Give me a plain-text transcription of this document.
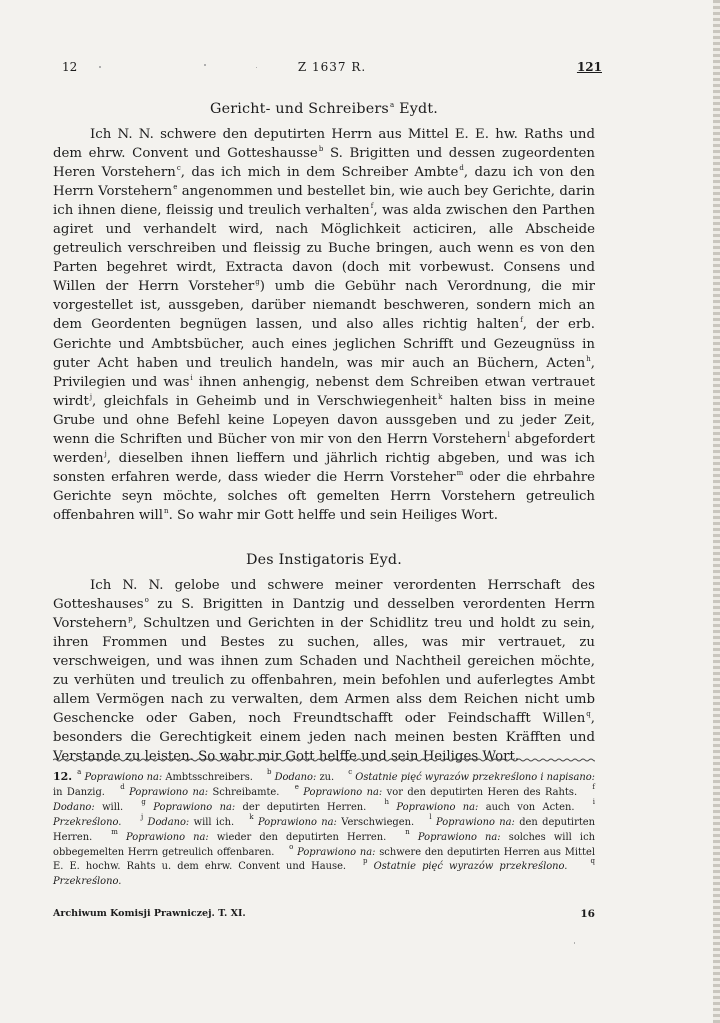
12	Z 1637 R.	121
Gericht- und Schreibers$^a$ Eydt.
Ich N. N. schwere den deputirten Herrn aus Mittel E. E. hw. Raths und dem ehrw. Convent und Gotteshausse$^b$ S. Brigitten und dessen zugeordenten Heren Vorstehern$^c$, das ich mich in dem Schreiber Ambte$^d$, dazu ich von den Herrn Vorstehern$^e$ angenommen und bestellet bin, wie auch bey Gerichte, darin ich ihnen diene, fleissig und treulich verhalten$^f$, was alda zwischen den Parthen agiret und verhandelt wird, nach Möglichkeit acticiren, alle Abscheide getreulich verschreiben und fleissig zu Buche bringen, auch wenn es von den Parten begehret wirdt, Extracta davon (doch mit vorbewust. Consens und Willen der Herrn Vorsteher$^g$) umb die Gebühr nach Verordnung, die mir vorgestellet ist, aussgeben, darüber niemandt beschweren, sondern mich an dem Geordenten begnügen lassen, und also alles richtig halten$^f$, der erb. Gerichte und Ambtsbücher, auch eines jeglichen Schrifft und Gezeugnüss in guter Acht haben und treulich handeln, was mir auch an Büchern, Acten$^h$, Privilegien und was$^i$ ihnen anhengig, nebenst dem Schreiben etwan vertrauet wirdt$^j$, gleichfals in Geheimb und in Verschwiegenheit$^k$ halten biss in meine Grube und ohne Befehl keine Lopeyen davon aussgeben und zu jeder Zeit, wenn die Schriften und Bücher von mir von den Herrn Vorstehern$^l$ abgefordert werden$^j$, dieselben ihnen lieffern und jährlich richtig abgeben, und was ich sonsten erfahren werde, dass wieder die Herrn Vorsteher$^m$ oder die ehrbahre Gerichte seyn möchte, solches oft gemelten Herrn Vorstehern getreulich offenbahren will$^n$. So wahr mir Gott helffe und sein Heiliges Wort.
Des Instigatoris Eyd.
Ich N. N. gelobe und schwere meiner verordenten Herrschaft des Gotteshauses$^o$ zu S. Brigitten in Dantzig und desselben verordenten Herrn Vorstehern$^p$, Schultzen und Gerichten in der Schidlitz treu und holdt zu sein, ihren Frommen und Bestes zu suchen, alles, was mir vertrauet, zu verschweigen, und was ihnen zum Schaden und Nachtheil gereichen möchte, zu verhüten und treulich zu offenbahren, mein befohlen und auferlegtes Ambt allem Vermögen nach zu verwalten, dem Armen alss dem Reichen nicht umb Geschencke oder Gaben, noch Freundtschafft oder Feindschafft Willen$^q$, besonders die Gerechtigkeit einem jeden nach meinen besten Kräfften und Verstande zu leisten. So wahr mir Gott helffe und sein Heiliges Wort.
12. $^a$ Poprawiono na: Ambtsschreibers.  $^b$ Dodano: zu.  $^c$ Ostatnie pięć wyrazów przekreślono i napisano: in Danzig.  $^d$ Poprawiono na: Schreibamte.  $^e$ Poprawiono na: vor den deputirten Heren des Rahts.  $^f$ Dodano: will.  $^g$ Poprawiono na: der deputirten Herren.  $^h$ Poprawiono na: auch von Acten.  $^i$ Przekreślono.  	$^j$ Dodano: will ich.  $^k$ Poprawiono na: Verschwiegen.  $^l$ Poprawiono na: den deputirten Herren.  $^m$ Poprawiono na: wieder den deputirten Herren.  $^n$ Poprawiono na: solches will ich obbegemelten Herrn getreulich offenbaren.  $^o$ Poprawiono na: schwere den deputirten Herren aus Mittel E. E. hochw. Rahts u. dem ehrw. Convent und Hause.  $^p$ Ostatnie pięć wyrazów przekreślono.  	$^q$ Przekreślono.  
Archiwum Komisji Prawniczej. T. XI.	16
